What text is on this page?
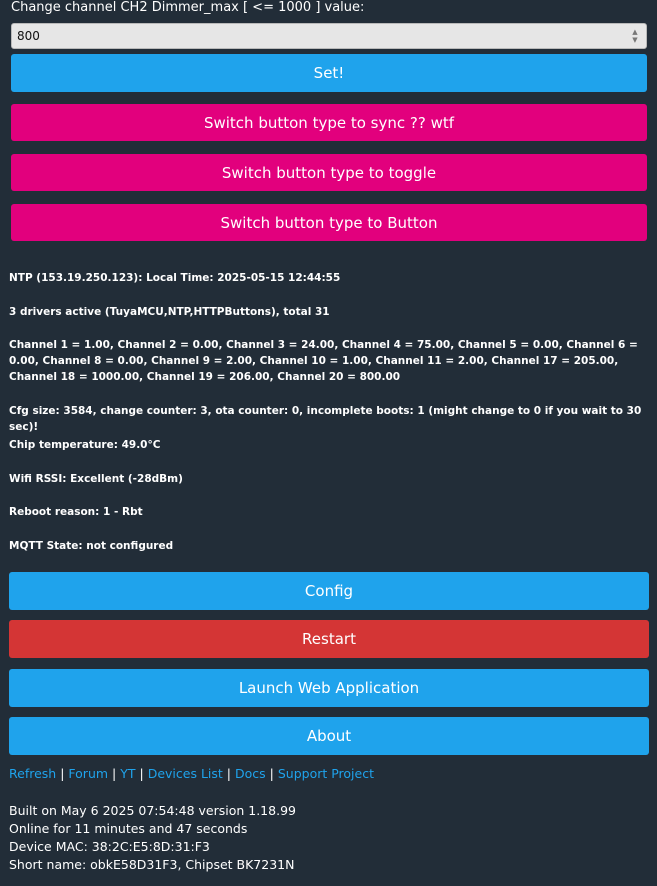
Change channel CH2 Dimmer_max [ <= 1000 ] value:
800	▲
▼
Set!
Switch button type to sync ?? wtf
Switch button type to toggle
Switch button type to Button
NTP (153.19.250.123): Local Time: 2025-05-15 12:44:55
3 drivers active (TuyaMCU,NTP,HTTPButtons), total 31
Channel 1 = 1.00, Channel 2 = 0.00, Channel 3 = 24.00, Channel 4 = 75.00, Channel 5 = 0.00, Channel 6 = 0.00, Channel 8 = 0.00, Channel 9 = 2.00, Channel 10 = 1.00, Channel 11 = 2.00, Channel 17 = 205.00, Channel 18 = 1000.00, Channel 19 = 206.00, Channel 20 = 800.00
Cfg size: 3584, change counter: 3, ota counter: 0, incomplete boots: 1 (might change to 0 if you wait to 30 sec)!
Chip temperature: 49.0°C
Wifi RSSI: Excellent (-28dBm)
Reboot reason: 1 - Rbt
MQTT State: not configured
Config
Restart
Launch Web Application
About
Refresh | Forum | YT | Devices List | Docs | Support Project
Built on May 6 2025 07:54:48 version 1.18.99
Online for 11 minutes and 47 seconds
Device MAC: 38:2C:E5:8D:31:F3
Short name: obkE58D31F3, Chipset BK7231N
